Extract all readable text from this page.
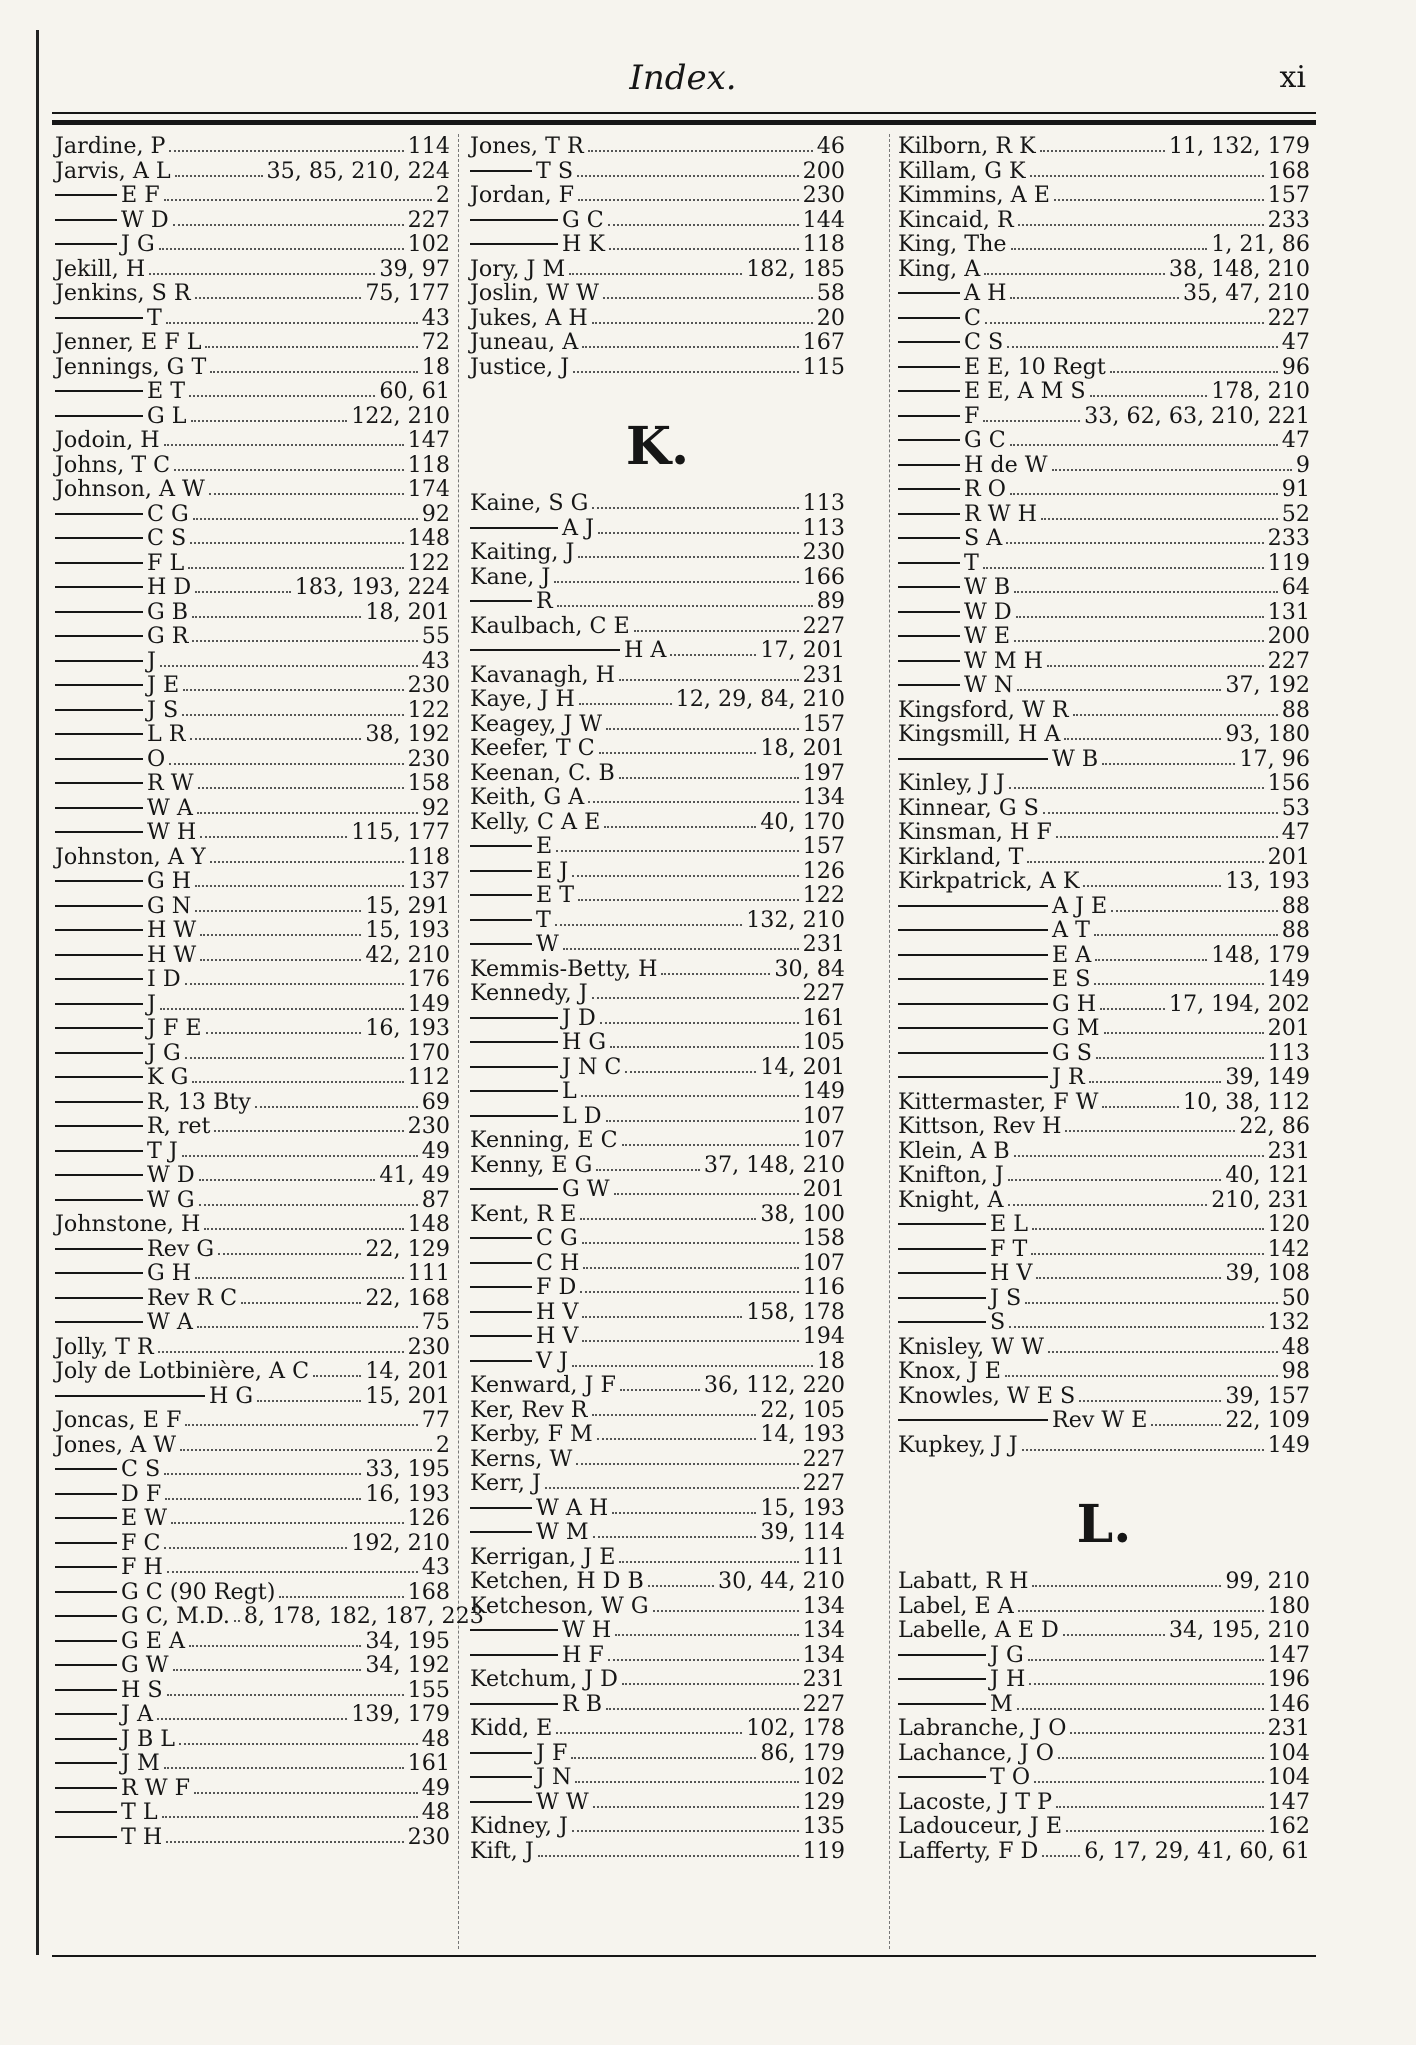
Index.	xi
Jardine, P	114
Jarvis, A L	35, 85, 210, 224
E F	2
W D	227
J G	102
Jekill, H	39, 97
Jenkins, S R	75, 177
T	43
Jenner, E F L	72
Jennings, G T	18
E T	60, 61
G L	122, 210
Jodoin, H	147
Johns, T C	118
Johnson, A W	174
C G	92
C S	148
F L	122
H D	183, 193, 224
G B	18, 201
G R	55
J	43
J E	230
J S	122
L R	38, 192
O	230
R W	158
W A	92
W H	115, 177
Johnston, A Y	118
G H	137
G N	15, 291
H W	15, 193
H W	42, 210
I D	176
J	149
J F E	16, 193
J G	170
K G	112
R, 13 Bty	69
R, ret	230
T J	49
W D	41, 49
W G	87
Johnstone, H	148
Rev G	22, 129
G H	111
Rev R C	22, 168
W A	75
Jolly, T R	230
Joly de Lotbinière, A C	14, 201
H G	15, 201
Joncas, E F	77
Jones, A W	2
C S	33, 195
D F	16, 193
E W	126
F C	192, 210
F H	43
G C (90 Regt)	168
G C, M.D. 8, 178, 182, 187, 223
G E A	34, 195
G W	34, 192
H S	155
J A	139, 179
J B L	48
J M	161
R W F	49
T L	48
T H	230
Jones, T R	46
T S	200
Jordan, F	230
G C	144
H K	118
Jory, J M	182, 185
Joslin, W W	58
Jukes, A H	20
Juneau, A	167
Justice, J	115
K.
Kaine, S G	113
A J	113
Kaiting, J	230
Kane, J	166
R	89
Kaulbach, C E	227
H A	17, 201
Kavanagh, H	231
Kaye, J H	12, 29, 84, 210
Keagey, J W	157
Keefer, T C	18, 201
Keenan, C. B	197
Keith, G A	134
Kelly, C A E	40, 170
E	157
E J	126
E T	122
T	132, 210
W	231
Kemmis-Betty, H	30, 84
Kennedy, J	227
J D	161
H G	105
J N C	14, 201
L	149
L D	107
Kenning, E C	107
Kenny, E G	37, 148, 210
G W	201
Kent, R E	38, 100
C G	158
C H	107
F D	116
H V	158, 178
H V	194
V J	18
Kenward, J F	36, 112, 220
Ker, Rev R	22, 105
Kerby, F M	14, 193
Kerns, W	227
Kerr, J	227
W A H	15, 193
W M	39, 114
Kerrigan, J E	111
Ketchen, H D B	30, 44, 210
Ketcheson, W G	134
W H	134
H F	134
Ketchum, J D	231
R B	227
Kidd, E	102, 178
J F	86, 179
J N	102
W W	129
Kidney, J	135
Kift, J	119
Kilborn, R K	11, 132, 179
Killam, G K	168
Kimmins, A E	157
Kincaid, R	233
King, The	1, 21, 86
King, A	38, 148, 210
A H	35, 47, 210
C	227
C S	47
E E, 10 Regt	96
E E, A M S	178, 210
F	33, 62, 63, 210, 221
G C	47
H de W	9
R O	91
R W H	52
S A	233
T	119
W B	64
W D	131
W E	200
W M H	227
W N	37, 192
Kingsford, W R	88
Kingsmill, H A	93, 180
W B	17, 96
Kinley, J J	156
Kinnear, G S	53
Kinsman, H F	47
Kirkland, T	201
Kirkpatrick, A K	13, 193
A J E	88
A T	88
E A	148, 179
E S	149
G H	17, 194, 202
G M	201
G S	113
J R	39, 149
Kittermaster, F W	10, 38, 112
Kittson, Rev H	22, 86
Klein, A B	231
Knifton, J	40, 121
Knight, A	210, 231
E L	120
F T	142
H V	39, 108
J S	50
S	132
Knisley, W W	48
Knox, J E	98
Knowles, W E S	39, 157
Rev W E	22, 109
Kupkey, J J	149
L.
Labatt, R H	99, 210
Label, E A	180
Labelle, A E D	34, 195, 210
J G	147
J H	196
M	146
Labranche, J O	231
Lachance, J O	104
T O	104
Lacoste, J T P	147
Ladouceur, J E	162
Lafferty, F D 6, 17, 29, 41, 60, 61
